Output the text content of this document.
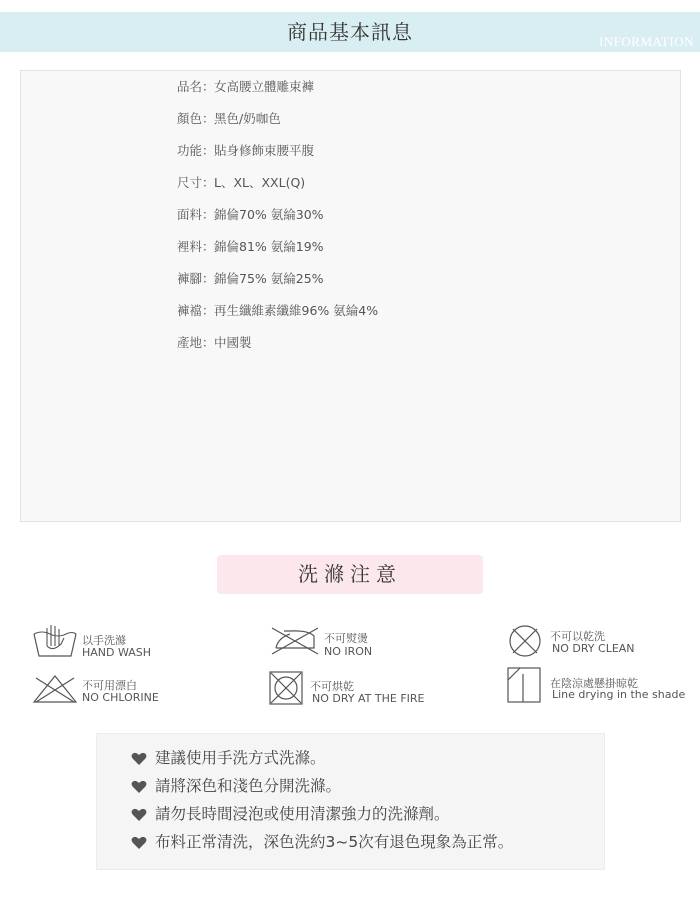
商品基本訊息	INFORMATION
品名 ： 女高腰立體雕束褲
顏色 ： 黑色/奶咖色
功能 ： 貼身修飾束腰平腹
尺寸 ： L、XL、XXL(Q)
面料 ： 錦倫70% 氨綸30%
裡料 ： 錦倫81% 氨綸19%
褲腳 ： 錦倫75% 氨綸25%
褲襠 ： 再生纖維素纖維96% 氨綸4%
產地 ： 中國製
洗滌注意
以手洗滌
HAND WASH
不可熨燙
NO IRON
不可以乾洗
NO DRY CLEAN
不可用漂白
NO CHLORINE
不可烘乾
NO DRY AT THE FIRE
在陰涼處懸掛晾乾
Line drying in the shade
建議使用手洗方式洗滌。
請將深色和淺色分開洗滌。
請勿長時間浸泡或使用清潔強力的洗滌劑。
布料正常清洗，深色洗約3~5次有退色現象為正常。
